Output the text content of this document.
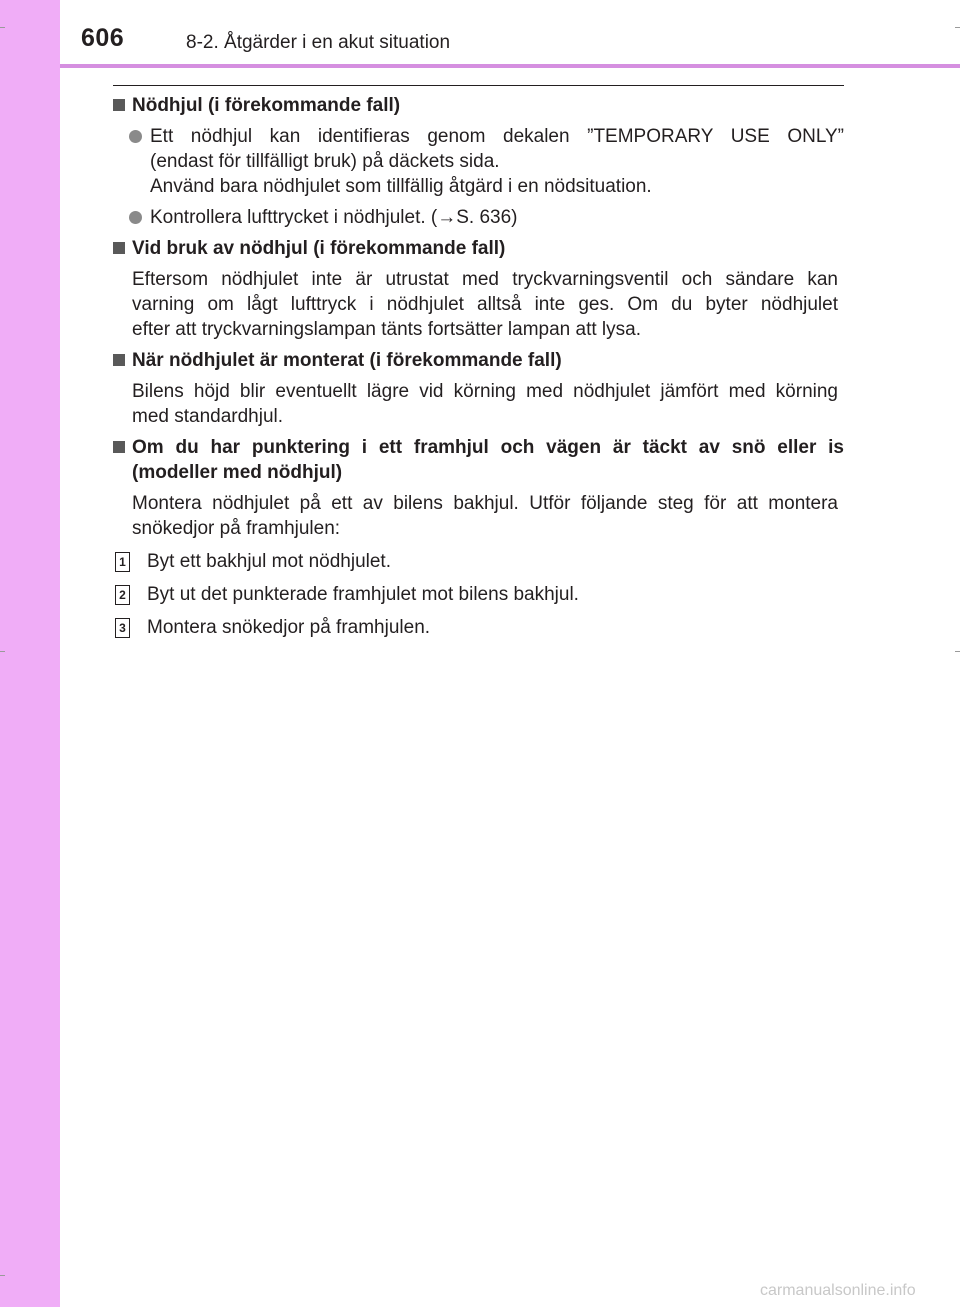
606	8-2. Åtgärder i en akut situation
Nödhjul (i förekommande fall)

Ett nödhjul kan identifieras genom dekalen ”TEMPORARY USE ONLY”

(endast för tillfälligt bruk) på däckets sida.

Använd bara nödhjulet som tillfällig åtgärd i en nödsituation.

Kontrollera lufttrycket i nödhjulet. (→S. 636)

Vid bruk av nödhjul (i förekommande fall)
Eftersom nödhjulet inte är utrustat med tryckvarningsventil och sändare kan
varning om lågt lufttryck i nödhjulet alltså inte ges. Om du byter nödhjulet
efter att tryckvarningslampan tänts fortsätter lampan att lysa.
När nödhjulet är monterat (i förekommande fall)
Bilens höjd blir eventuellt lägre vid körning med nödhjulet jämfört med körning
med standardhjul.
Om du har punktering i ett framhjul och vägen är täckt av snö eller is
(modeller med nödhjul)
Montera nödhjulet på ett av bilens bakhjul. Utför följande steg för att montera
snökedjor på framhjulen:
1 Byt ett bakhjul mot nödhjulet.
2 Byt ut det punkterade framhjulet mot bilens bakhjul.
3 Montera snökedjor på framhjulen.
carmanualsonline.info
